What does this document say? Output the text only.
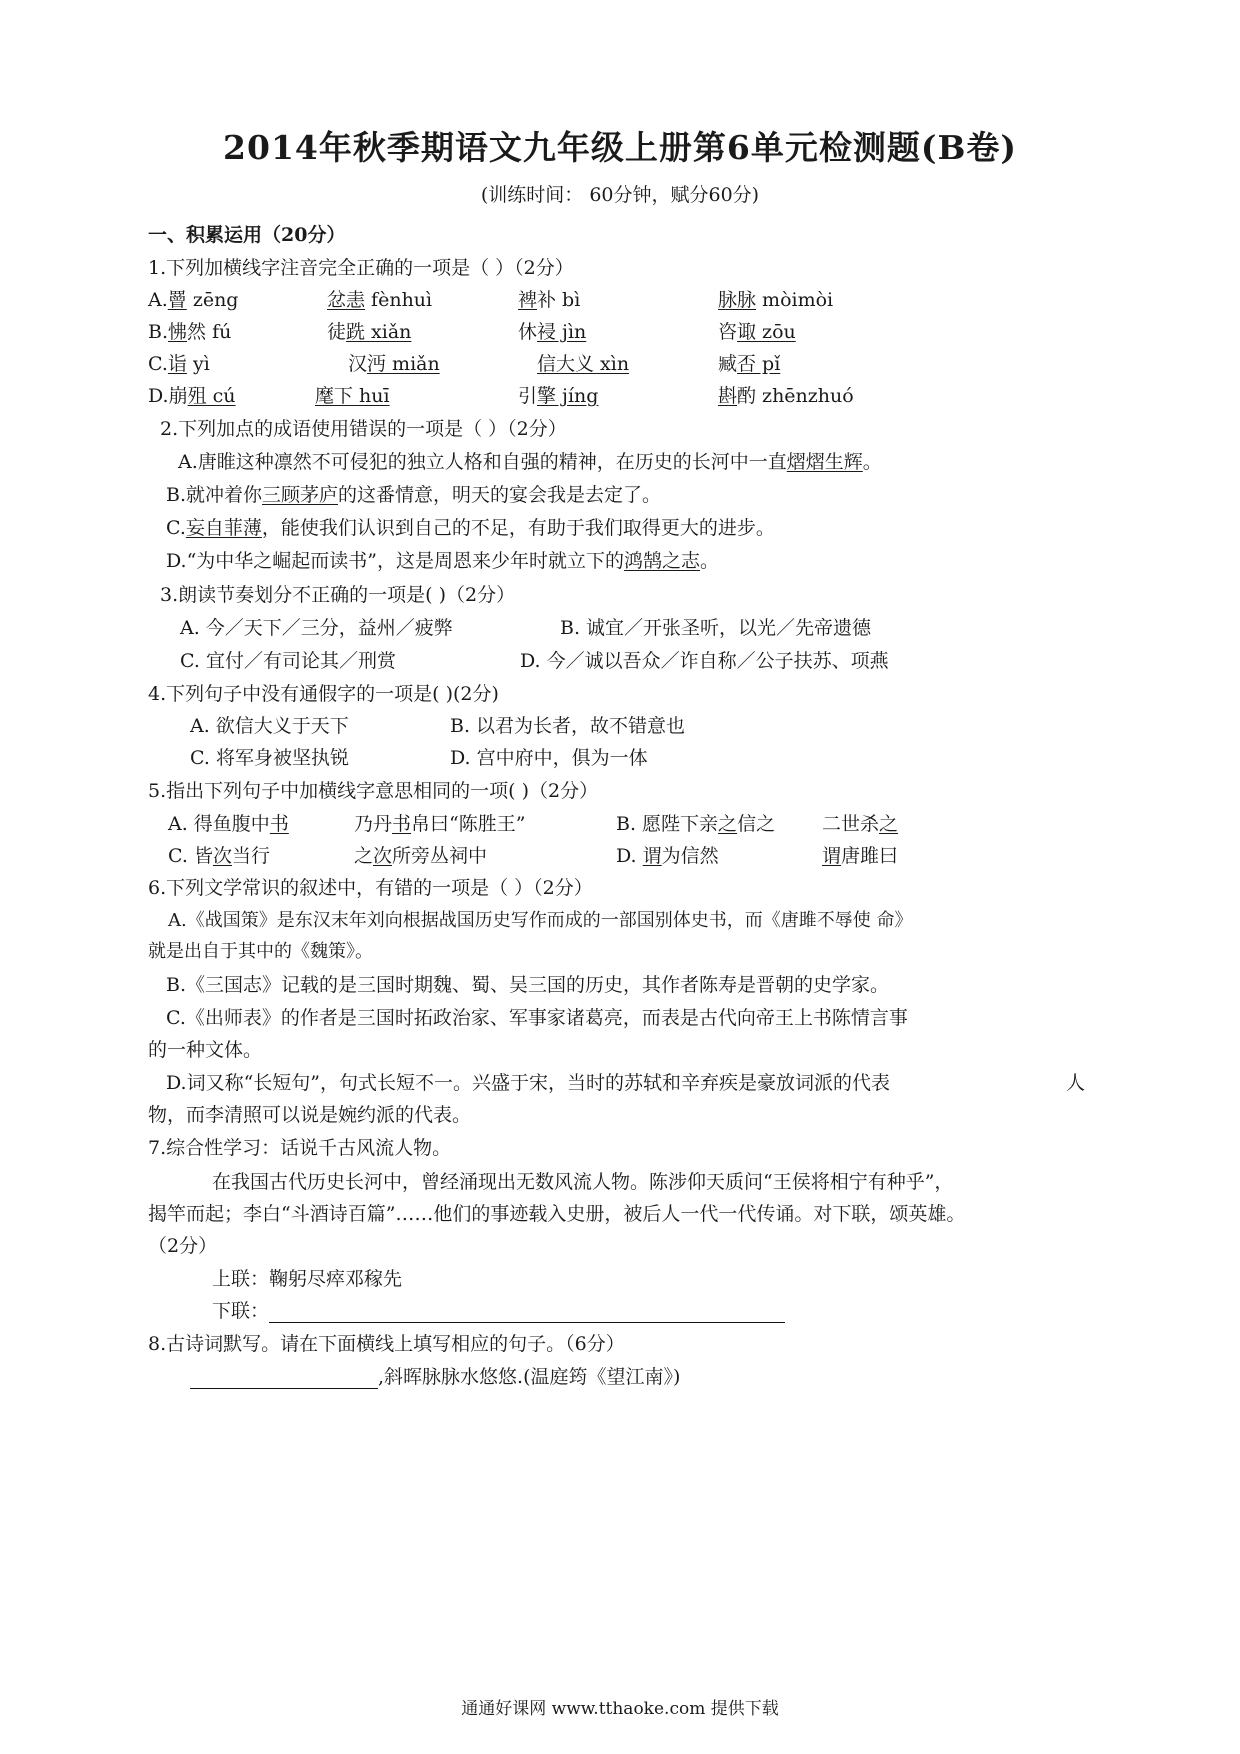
2014年秋季期语文九年级上册第6单元检测题(B卷)
(训练时间： 60分钟，赋分60分)
一、积累运用（20分）
1.下列加横线字注音完全正确的一项是（ ）（2分）
A.罾 zēng	忿恚 fènhuì	裨补 bì	脉脉 mòimòi
B.怫然 fú	徒跣 xiǎn	休祲 jìn	咨诹 zōu
C.诣 yì	汉沔 miǎn	信大义 xìn	臧否 pǐ
D.崩殂 cú	麾下 huī	引擎 jíng	斟酌 zhēnzhuó
2.下列加点的成语使用错误的一项是（ ）（2分）
A.唐睢这种凛然不可侵犯的独立人格和自强的精神，在历史的长河中一直熠熠生辉。
B.就冲着你三顾茅庐的这番情意，明天的宴会我是去定了。
C.妄自菲薄，能使我们认识到自己的不足，有助于我们取得更大的进步。
D.“为中华之崛起而读书”，这是周恩来少年时就立下的鸿鹄之志。
3.朗读节奏划分不正确的一项是( )（2分）
A. 今／天下／三分，益州／疲弊	B. 诚宜／开张圣听，以光／先帝遗德
C. 宜付／有司论其／刑赏	D. 今／诚以吾众／诈自称／公子扶苏、项燕
4.下列句子中没有通假字的一项是( )(2分)
A. 欲信大义于天下	B. 以君为长者，故不错意也
C. 将军身被坚执锐	D. 宫中府中，俱为一体
5.指出下列句子中加横线字意思相同的一项( )（2分）
A. 得鱼腹中书	乃丹书帛曰“陈胜王”	B. 愿陛下亲之信之 二世杀之
C. 皆次当行	之次所旁丛祠中	D. 谓为信然	谓唐雎曰
6.下列文学常识的叙述中，有错的一项是（ ）（2分）
A.《战国策》是东汉末年刘向根据战国历史写作而成的一部国别体史书，而《唐雎不辱使 命》
就是出自于其中的《魏策》。
B.《三国志》记载的是三国时期魏、蜀、吴三国的历史，其作者陈寿是晋朝的史学家。
C.《出师表》的作者是三国时拓政治家、军事家诸葛亮，而表是古代向帝王上书陈情言事
的一种文体。
D.词又称“长短句”，句式长短不一。兴盛于宋，当时的苏轼和辛弃疾是豪放词派的代表	人
物，而李清照可以说是婉约派的代表。
7.综合性学习：话说千古风流人物。
在我国古代历史长河中，曾经涌现出无数风流人物。陈涉仰天质问“王侯将相宁有种乎”，
揭竿而起；李白“斗酒诗百篇”……他们的事迹载入史册，被后人一代一代传诵。对下联，颂英雄。
（2分）
上联：鞠躬尽瘁邓稼先
下联：
8.古诗词默写。请在下面横线上填写相应的句子。（6分）
,斜晖脉脉水悠悠.(温庭筠《望江南》)
通通好课网 www.tthaoke.com 提供下载
